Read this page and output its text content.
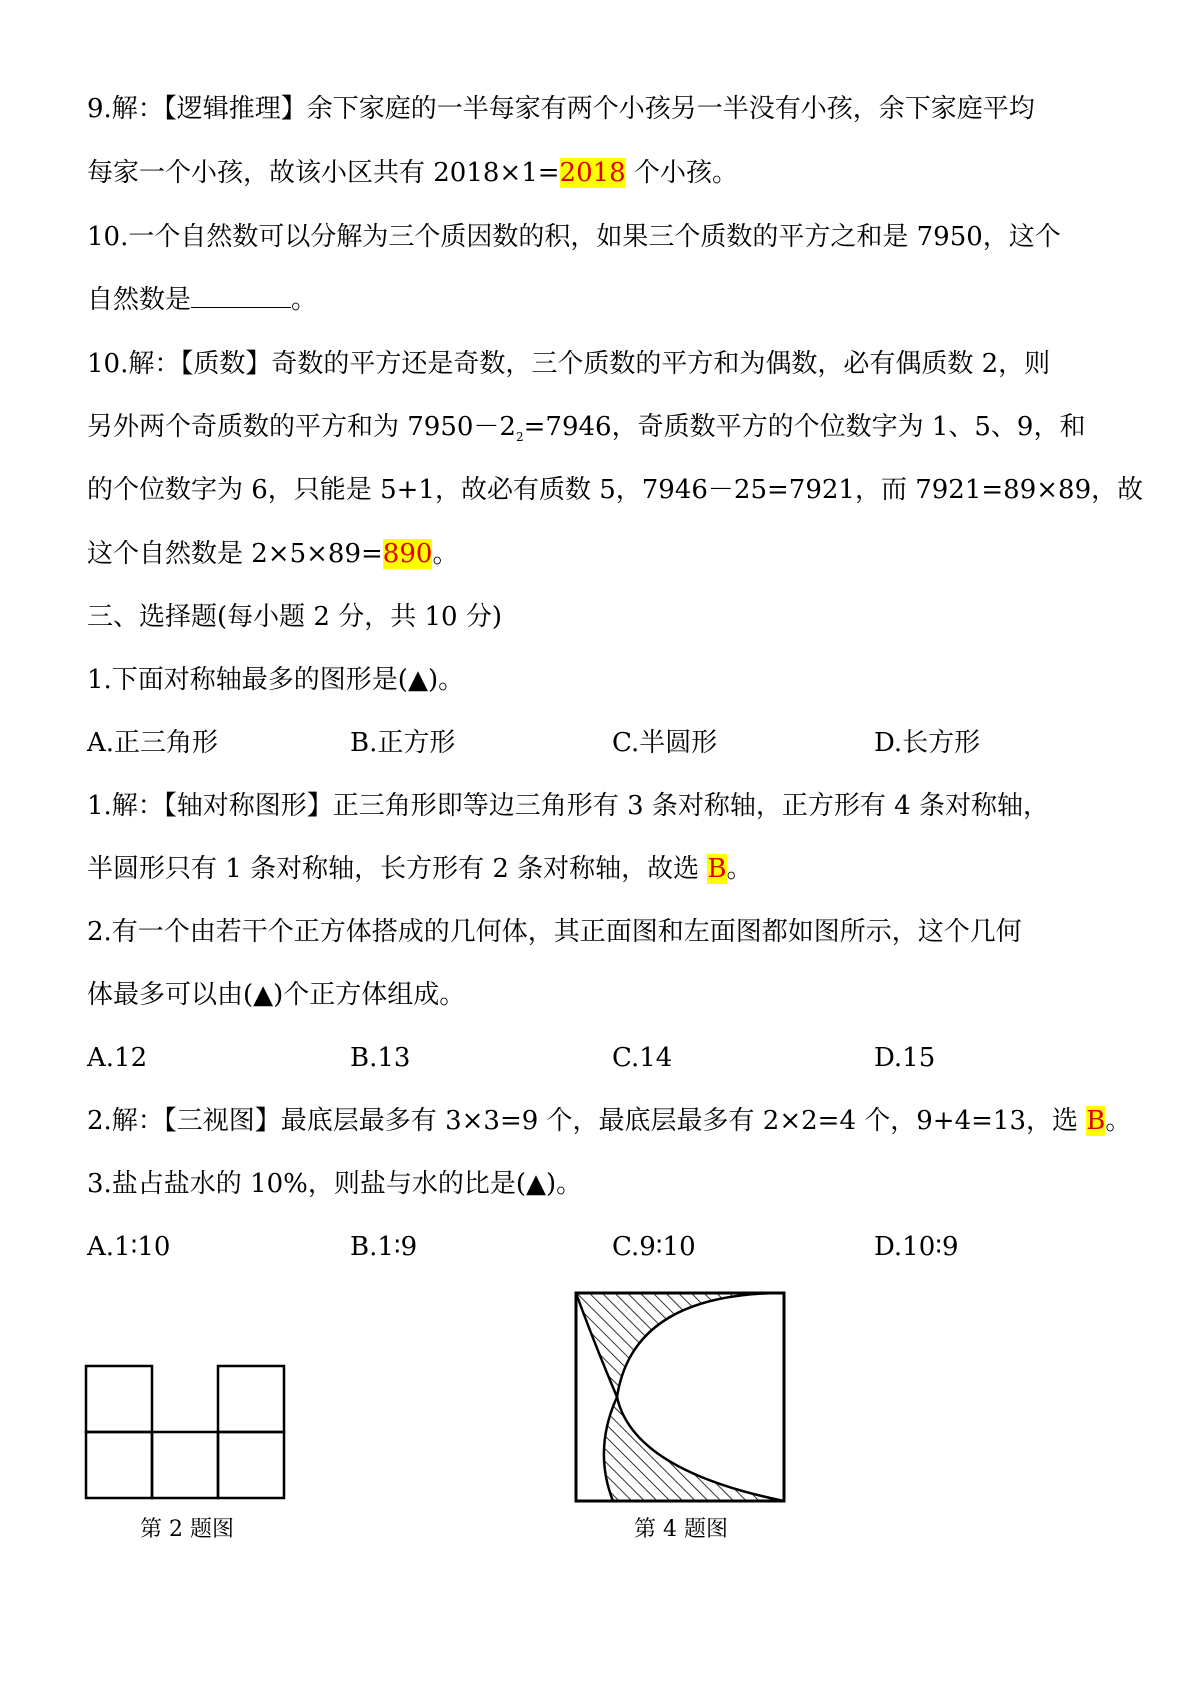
9.解：【逻辑推理】余下家庭的一半每家有两个小孩另一半没有小孩，余下家庭平均
每家一个小孩，故该小区共有 2018×1=2018 个小孩。
10.一个自然数可以分解为三个质因数的积，如果三个质数的平方之和是 7950，这个
自然数是	。
10.解：【质数】奇数的平方还是奇数，三个质数的平方和为偶数，必有偶质数 2，则
另外两个奇质数的平方和为 $7950-2_2=7946$，奇质数平方的个位数字为 1、5、9，和
的个位数字为 6，只能是 5+1，故必有质数 5，7946－25=7921，而 7921=89×89，故
这个自然数是 2×5×89=890。
三、选择题(每小题 2 分，共 10 分)
1.下面对称轴最多的图形是(▲)。
A.正三角形	B.正方形	C.半圆形	D.长方形
1.解：【轴对称图形】正三角形即等边三角形有 3 条对称轴，正方形有 4 条对称轴，
半圆形只有 1 条对称轴，长方形有 2 条对称轴，故选 B。
2.有一个由若干个正方体搭成的几何体，其正面图和左面图都如图所示，这个几何
体最多可以由(▲)个正方体组成。
A.12	B.13	C.14	D.15
2.解：【三视图】最底层最多有 3×3=9 个，最底层最多有 2×2=4 个，9+4=13，选 B。
3.盐占盐水的 10%，则盐与水的比是(▲)。
A.1∶10	B.1∶9	C.9∶10	D.10∶9
第 2 题图	第 4 题图
